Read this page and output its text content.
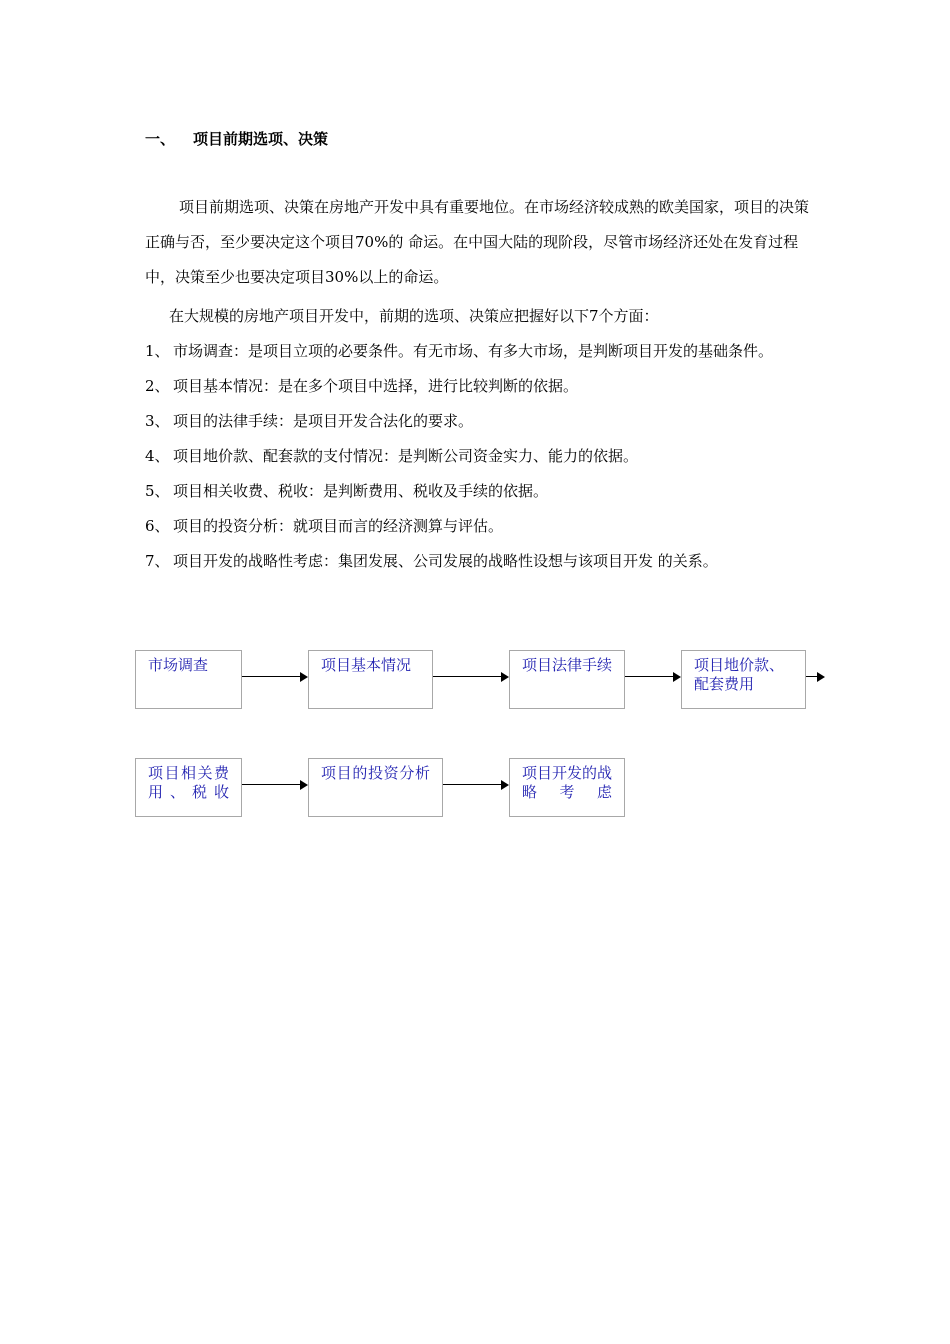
一、 项目前期选项、决策

项目前期选项、决策在房地产开发中具有重要地位。在市场经济较成熟的欧美国家，项目的决策正确与否，至少要决定这个项目70%的 命运。在中国大陆的现阶段，尽管市场经济还处在发育过程中，决策至少也要决定项目30%以上的命运。

在大规模的房地产项目开发中，前期的选项、决策应把握好以下7个方面：

1、 市场调查：是项目立项的必要条件。有无市场、有多大市场，是判断项目开发的基础条件。
2、 项目基本情况：是在多个项目中选择，进行比较判断的依据。
3、 项目的法律手续：是项目开发合法化的要求。
4、 项目地价款、配套款的支付情况：是判断公司资金实力、能力的依据。
5、 项目相关收费、税收：是判断费用、税收及手续的依据。
6、 项目的投资分析：就项目而言的经济测算与评估。
7、 项目开发的战略性考虑：集团发展、公司发展的战略性设想与该项目开发 的关系。
市场调查	项目基本情况	项目法律手续	项目地价款、配套费用
项目相关费用、税收
项目的投资分析	项目开发的战略考虑
